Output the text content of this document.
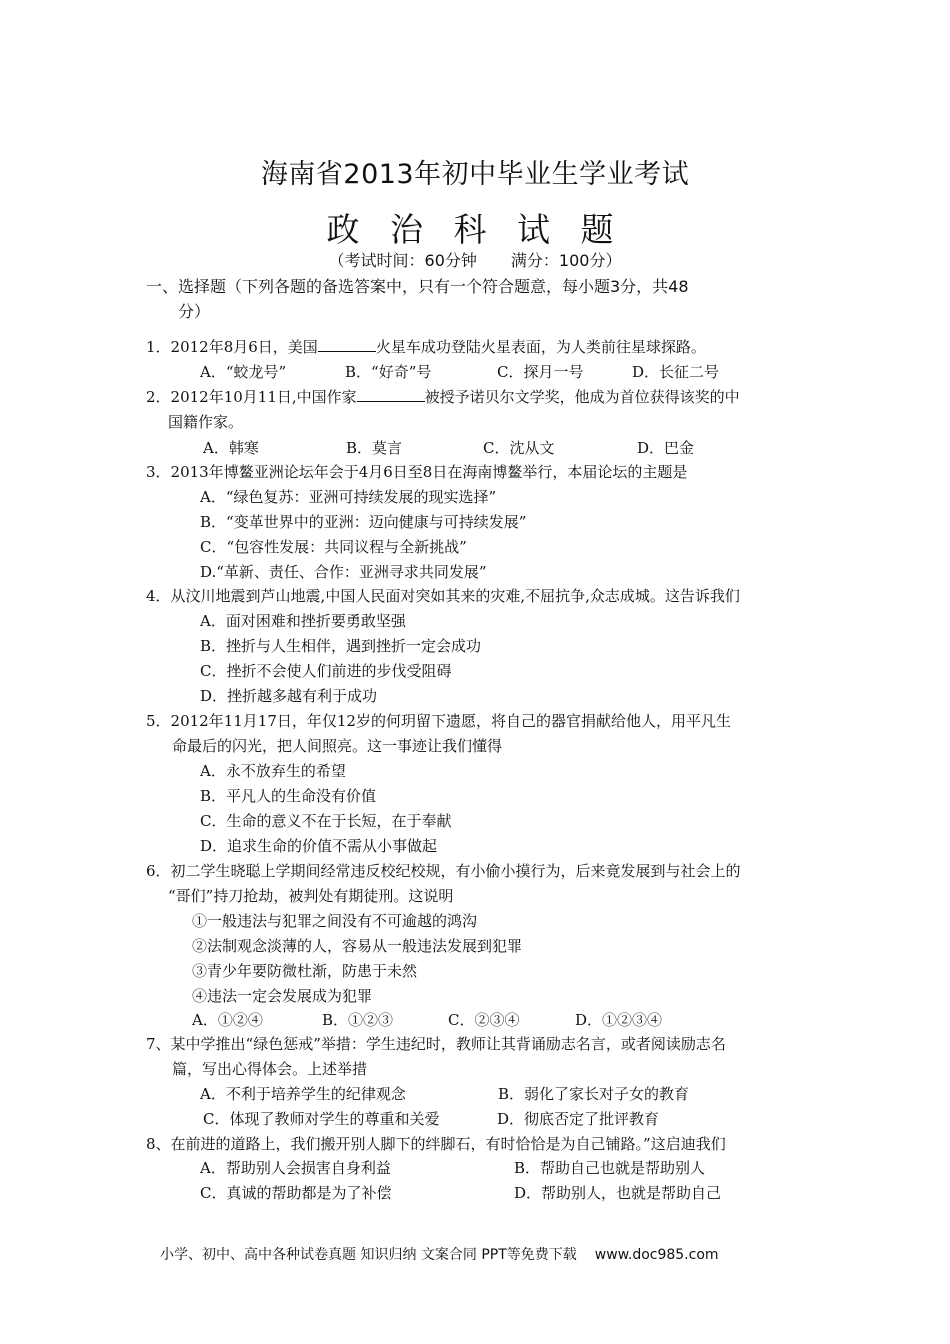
海南省2013年初中毕业生学业考试
政 治 科 试 题
（考试时间：60分钟 满分：100分）
一、选择题（下列各题的备选答案中，只有一个符合题意，每小题3分，共48
分）
1．2012年8月6日，美国	火星车成功登陆火星表面，为人类前往星球探路。
A．“蛟龙号”	B．“好奇”号	C．探月一号	D．长征二号
2．2012年10月11日,中国作家	被授予诺贝尔文学奖，他成为首位获得该奖的中
国籍作家。
A．韩寒	B．莫言	C．沈从文	D．巴金
3．2013年博鳌亚洲论坛年会于4月6日至8日在海南博鳌举行，本届论坛的主题是
A．“绿色复苏：亚洲可持续发展的现实选择”
B．“变革世界中的亚洲：迈向健康与可持续发展”
C．“包容性发展：共同议程与全新挑战”
D.“革新、责任、合作：亚洲寻求共同发展”
4．从汶川地震到芦山地震,中国人民面对突如其来的灾难,不屈抗争,众志成城。这告诉我们
A．面对困难和挫折要勇敢坚强
B．挫折与人生相伴，遇到挫折一定会成功
C．挫折不会使人们前进的步伐受阻碍
D．挫折越多越有利于成功
5．2012年11月17日，年仅12岁的何玥留下遗愿，将自己的器官捐献给他人，用平凡生
命最后的闪光，把人间照亮。这一事迹让我们懂得
A．永不放弃生的希望
B．平凡人的生命没有价值
C．生命的意义不在于长短，在于奉献
D．追求生命的价值不需从小事做起
6．初二学生晓聪上学期间经常违反校纪校规，有小偷小摸行为，后来竟发展到与社会上的
“哥们”持刀抢劫，被判处有期徒刑。这说明
①一般违法与犯罪之间没有不可逾越的鸿沟
②法制观念淡薄的人，容易从一般违法发展到犯罪
③青少年要防微杜渐，防患于未然
④违法一定会发展成为犯罪
A．①②④	B．①②③	C．②③④	D．①②③④
7、某中学推出“绿色惩戒”举措：学生违纪时，教师让其背诵励志名言，或者阅读励志名
篇，写出心得体会。上述举措
A．不利于培养学生的纪律观念	B．弱化了家长对子女的教育
C．体现了教师对学生的尊重和关爱	D．彻底否定了批评教育
8、在前进的道路上，我们搬开别人脚下的绊脚石，有时恰恰是为自己铺路。”这启迪我们
A．帮助别人会损害自身利益	B．帮助自己也就是帮助别人
C．真诚的帮助都是为了补偿	D．帮助别人，也就是帮助自己
小学、初中、高中各种试卷真题 知识归纳 文案合同 PPT等免费下载 www.doc985.com
